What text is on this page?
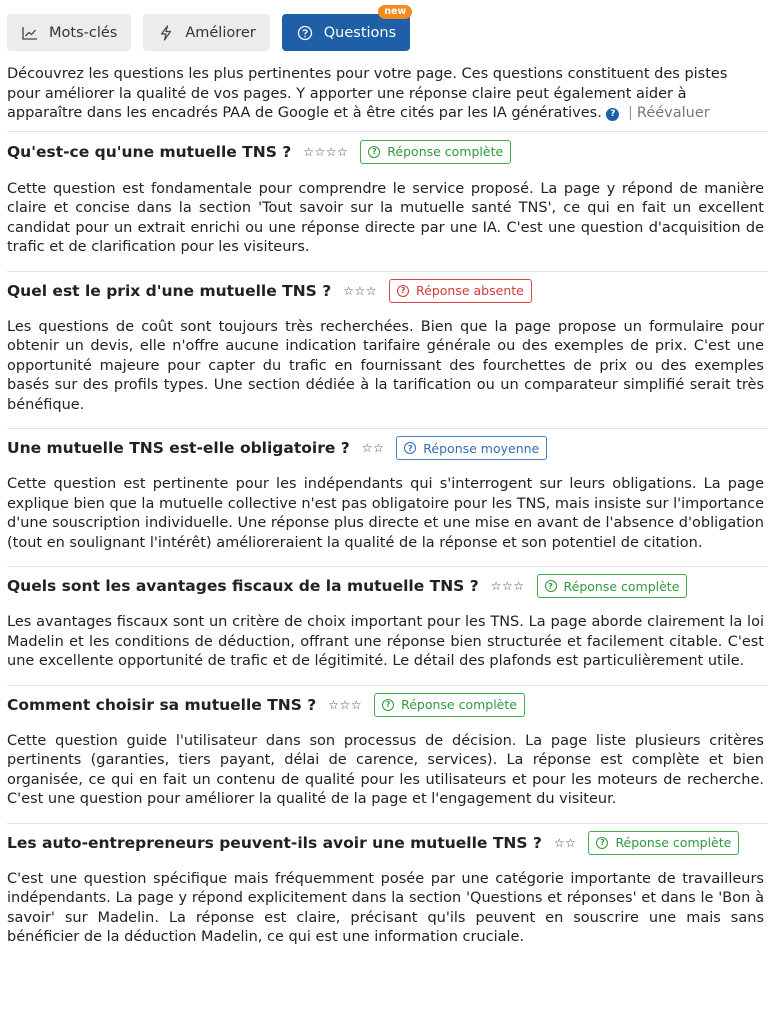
Mots-clés	Améliorer	Questions
new

Découvrez les questions les plus pertinentes pour votre page. Ces questions constituent des pistes pour améliorer la qualité de vos pages. Y apporter une réponse claire peut également aider à apparaître dans les encadrés PAA de Google et à être cités par les IA génératives. ? | Réévaluer

Qu'est-ce qu'une mutuelle TNS ? ☆☆☆☆	? Réponse complète

Cette question est fondamentale pour comprendre le service proposé. La page y répond de manière claire et concise dans la section 'Tout savoir sur la mutuelle santé TNS', ce qui en fait un excellent candidat pour un extrait enrichi ou une réponse directe par une IA. C'est une question d'acquisition de trafic et de clarification pour les visiteurs.

Quel est le prix d'une mutuelle TNS ? ☆☆☆	? Réponse absente

Les questions de coût sont toujours très recherchées. Bien que la page propose un formulaire pour obtenir un devis, elle n'offre aucune indication tarifaire générale ou des exemples de prix. C'est une opportunité majeure pour capter du trafic en fournissant des fourchettes de prix ou des exemples basés sur des profils types. Une section dédiée à la tarification ou un comparateur simplifié serait très bénéfique.

Une mutuelle TNS est-elle obligatoire ? ☆☆	? Réponse moyenne

Cette question est pertinente pour les indépendants qui s'interrogent sur leurs obligations. La page explique bien que la mutuelle collective n'est pas obligatoire pour les TNS, mais insiste sur l'importance d'une souscription individuelle. Une réponse plus directe et une mise en avant de l'absence d'obligation (tout en soulignant l'intérêt) amélioreraient la qualité de la réponse et son potentiel de citation.

Quels sont les avantages fiscaux de la mutuelle TNS ? ☆☆☆	? Réponse complète

Les avantages fiscaux sont un critère de choix important pour les TNS. La page aborde clairement la loi Madelin et les conditions de déduction, offrant une réponse bien structurée et facilement citable. C'est une excellente opportunité de trafic et de légitimité. Le détail des plafonds est particulièrement utile.

Comment choisir sa mutuelle TNS ? ☆☆☆	? Réponse complète

Cette question guide l'utilisateur dans son processus de décision. La page liste plusieurs critères pertinents (garanties, tiers payant, délai de carence, services). La réponse est complète et bien organisée, ce qui en fait un contenu de qualité pour les utilisateurs et pour les moteurs de recherche. C'est une question pour améliorer la qualité de la page et l'engagement du visiteur.

Les auto-entrepreneurs peuvent-ils avoir une mutuelle TNS ? ☆☆	? Réponse complète

C'est une question spécifique mais fréquemment posée par une catégorie importante de travailleurs indépendants. La page y répond explicitement dans la section 'Questions et réponses' et dans le 'Bon à savoir' sur Madelin. La réponse est claire, précisant qu'ils peuvent en souscrire une mais sans bénéficier de la déduction Madelin, ce qui est une information cruciale.
